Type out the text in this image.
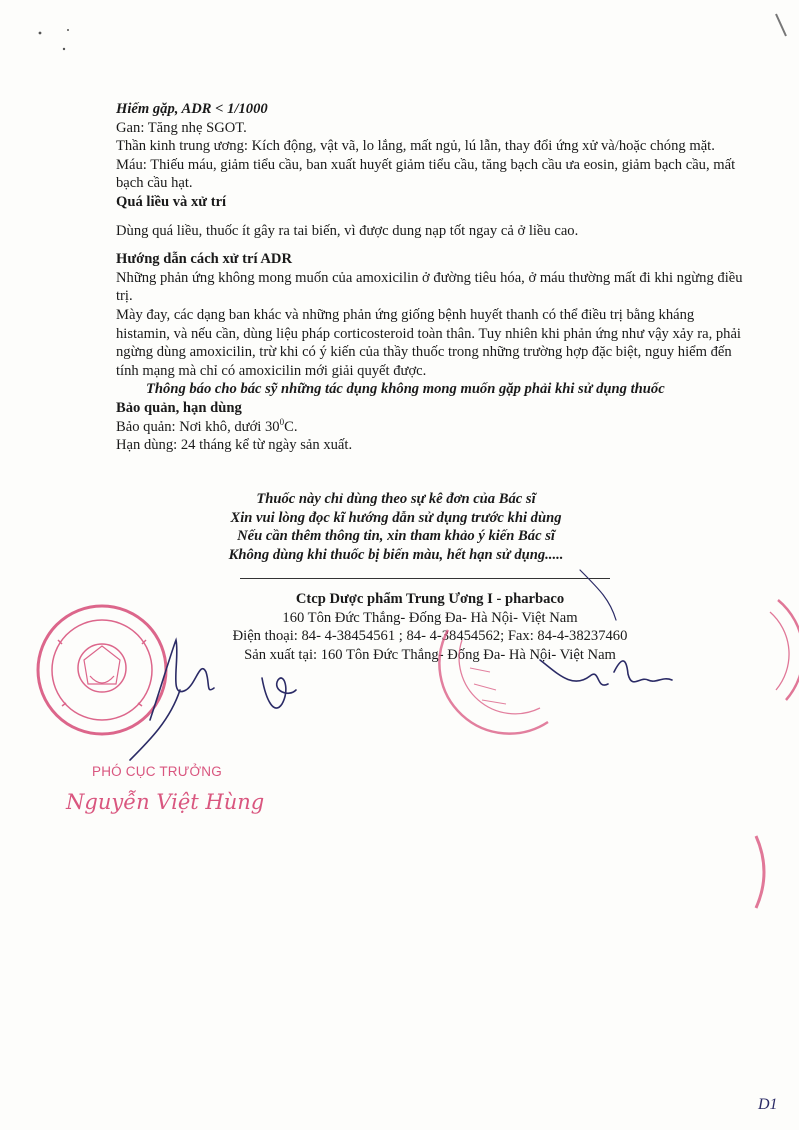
Hiếm gặp, ADR < 1/1000

Gan: Tăng nhẹ SGOT.

Thần kinh trung ương: Kích động, vật vã, lo lắng, mất ngủ, lú lẫn, thay đổi ứng xử và/hoặc chóng mặt.

Máu: Thiếu máu, giảm tiểu cầu, ban xuất huyết giảm tiểu cầu, tăng bạch cầu ưa eosin, giảm bạch cầu, mất bạch cầu hạt.

Quá liều và xử trí

Dùng quá liều, thuốc ít gây ra tai biến, vì được dung nạp tốt ngay cả ở liều cao.

Hướng dẫn cách xử trí ADR

Những phản ứng không mong muốn của amoxicilin ở đường tiêu hóa, ở máu thường mất đi khi ngừng điều trị.

Mày đay, các dạng ban khác và những phản ứng giống bệnh huyết thanh có thể điều trị bằng kháng histamin, và nếu cần, dùng liệu pháp corticosteroid toàn thân. Tuy nhiên khi phản ứng như vậy xảy ra, phải ngừng dùng amoxicilin, trừ khi có ý kiến của thầy thuốc trong những trường hợp đặc biệt, nguy hiểm đến tính mạng mà chỉ có amoxicilin mới giải quyết được.

Thông báo cho bác sỹ những tác dụng không mong muốn gặp phải khi sử dụng thuốc

Bảo quản, hạn dùng

Bảo quản: Nơi khô, dưới $30^0C$.

Hạn dùng: 24 tháng kể từ ngày sản xuất.

Thuốc này chỉ dùng theo sự kê đơn của Bác sĩ

Xin vui lòng đọc kĩ hướng dẫn sử dụng trước khi dùng

Nếu cần thêm thông tin, xin tham khảo ý kiến Bác sĩ

Không dùng khi thuốc bị biến màu, hết hạn sử dụng.....

Ctcp Dược phẩm Trung Ương I - pharbaco

160 Tôn Đức Thắng- Đống Đa- Hà Nội- Việt Nam

Điện thoại: 84- 4-38454561 ; 84- 4-38454562; Fax: 84-4-38237460

Sản xuất tại: 160 Tôn Đức Thắng- Đống Đa- Hà Nội- Việt Nam

PHÓ CỤC TRƯỞNG
Nguyễn Việt Hùng
D1
